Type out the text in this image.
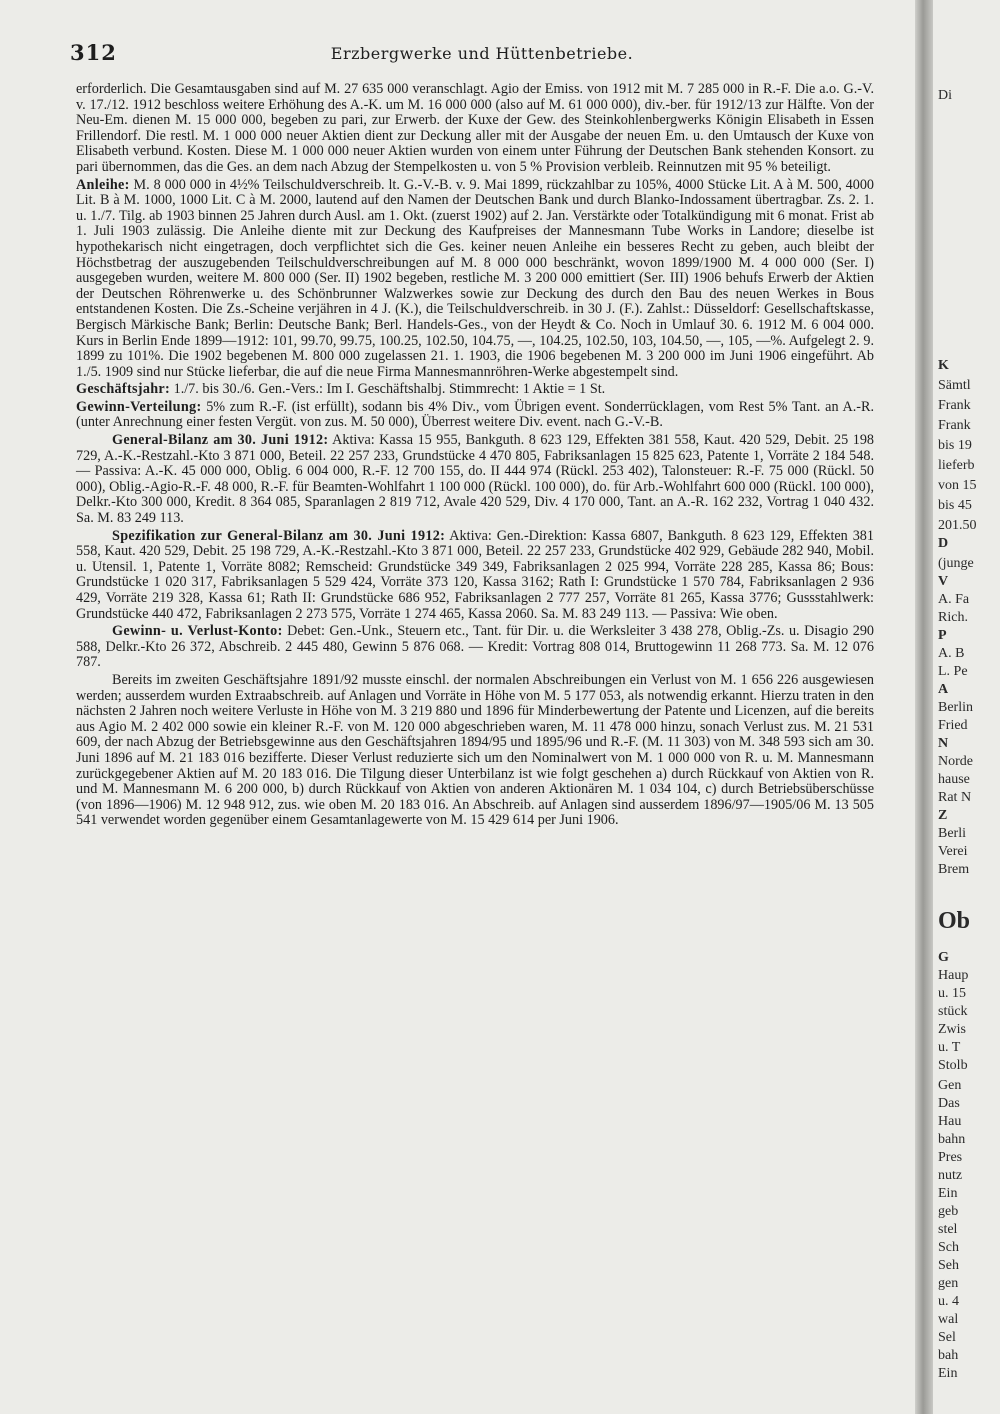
312	Erzbergwerke und Hüttenbetriebe.

erforderlich. Die Gesamtausgaben sind auf M. 27 635 000 veranschlagt. Agio der Emiss. von 1912 mit M. 7 285 000 in R.-F. Die a.o. G.-V. v. 17./12. 1912 beschloss weitere Erhöhung des A.-K. um M. 16 000 000 (also auf M. 61 000 000), div.-ber. für 1912/13 zur Hälfte. Von der Neu-Em. dienen M. 15 000 000, begeben zu pari, zur Erwerb. der Kuxe der Gew. des Steinkohlenbergwerks Königin Elisabeth in Essen Frillendorf. Die restl. M. 1 000 000 neuer Aktien dient zur Deckung aller mit der Ausgabe der neuen Em. u. den Umtausch der Kuxe von Elisabeth verbund. Kosten. Diese M. 1 000 000 neuer Aktien wurden von einem unter Führung der Deutschen Bank stehenden Konsort. zu pari übernommen, das die Ges. an dem nach Abzug der Stempelkosten u. von 5 % Provision verbleib. Reinnutzen mit 95 % beteiligt.

Anleihe: M. 8 000 000 in 4½% Teilschuldverschreib. lt. G.-V.-B. v. 9. Mai 1899, rückzahlbar zu 105%, 4000 Stücke Lit. A à M. 500, 4000 Lit. B à M. 1000, 1000 Lit. C à M. 2000, lautend auf den Namen der Deutschen Bank und durch Blanko-Indossament übertragbar. Zs. 2. 1. u. 1./7. Tilg. ab 1903 binnen 25 Jahren durch Ausl. am 1. Okt. (zuerst 1902) auf 2. Jan. Verstärkte oder Totalkündigung mit 6 monat. Frist ab 1. Juli 1903 zulässig. Die Anleihe diente mit zur Deckung des Kaufpreises der Mannesmann Tube Works in Landore; dieselbe ist hypothekarisch nicht eingetragen, doch verpflichtet sich die Ges. keiner neuen Anleihe ein besseres Recht zu geben, auch bleibt der Höchstbetrag der auszugebenden Teilschuldverschreibungen auf M. 8 000 000 beschränkt, wovon 1899/1900 M. 4 000 000 (Ser. I) ausgegeben wurden, weitere M. 800 000 (Ser. II) 1902 begeben, restliche M. 3 200 000 emittiert (Ser. III) 1906 behufs Erwerb der Aktien der Deutschen Röhrenwerke u. des Schönbrunner Walzwerkes sowie zur Deckung des durch den Bau des neuen Werkes in Bous entstandenen Kosten. Die Zs.-Scheine verjähren in 4 J. (K.), die Teilschuldverschreib. in 30 J. (F.). Zahlst.: Düsseldorf: Gesellschaftskasse, Bergisch Märkische Bank; Berlin: Deutsche Bank; Berl. Handels-Ges., von der Heydt & Co. Noch in Umlauf 30. 6. 1912 M. 6 004 000. Kurs in Berlin Ende 1899—1912: 101, 99.70, 99.75, 100.25, 102.50, 104.75, —, 104.25, 102.50, 103, 104.50, —, 105, —%. Aufgelegt 2. 9. 1899 zu 101%. Die 1902 begebenen M. 800 000 zugelassen 21. 1. 1903, die 1906 begebenen M. 3 200 000 im Juni 1906 eingeführt. Ab 1./5. 1909 sind nur Stücke lieferbar, die auf die neue Firma Mannesmannröhren-Werke abgestempelt sind.

Geschäftsjahr: 1./7. bis 30./6. Gen.-Vers.: Im I. Geschäftshalbj. Stimmrecht: 1 Aktie = 1 St.

Gewinn-Verteilung: 5% zum R.-F. (ist erfüllt), sodann bis 4% Div., vom Übrigen event. Sonderrücklagen, vom Rest 5% Tant. an A.-R. (unter Anrechnung einer festen Vergüt. von zus. M. 50 000), Überrest weitere Div. event. nach G.-V.-B.

General-Bilanz am 30. Juni 1912: Aktiva: Kassa 15 955, Bankguth. 8 623 129, Effekten 381 558, Kaut. 420 529, Debit. 25 198 729, A.-K.-Restzahl.-Kto 3 871 000, Beteil. 22 257 233, Grundstücke 4 470 805, Fabriksanlagen 15 825 623, Patente 1, Vorräte 2 184 548. — Passiva: A.-K. 45 000 000, Oblig. 6 004 000, R.-F. 12 700 155, do. II 444 974 (Rückl. 253 402), Talonsteuer: R.-F. 75 000 (Rückl. 50 000), Oblig.-Agio-R.-F. 48 000, R.-F. für Beamten-Wohlfahrt 1 100 000 (Rückl. 100 000), do. für Arb.-Wohlfahrt 600 000 (Rückl. 100 000), Delkr.-Kto 300 000, Kredit. 8 364 085, Sparanlagen 2 819 712, Avale 420 529, Div. 4 170 000, Tant. an A.-R. 162 232, Vortrag 1 040 432. Sa. M. 83 249 113.

Spezifikation zur General-Bilanz am 30. Juni 1912: Aktiva: Gen.-Direktion: Kassa 6807, Bankguth. 8 623 129, Effekten 381 558, Kaut. 420 529, Debit. 25 198 729, A.-K.-Restzahl.-Kto 3 871 000, Beteil. 22 257 233, Grundstücke 402 929, Gebäude 282 940, Mobil. u. Utensil. 1, Patente 1, Vorräte 8082; Remscheid: Grundstücke 349 349, Fabriksanlagen 2 025 994, Vorräte 228 285, Kassa 86; Bous: Grundstücke 1 020 317, Fabriksanlagen 5 529 424, Vorräte 373 120, Kassa 3162; Rath I: Grundstücke 1 570 784, Fabriksanlagen 2 936 429, Vorräte 219 328, Kassa 61; Rath II: Grundstücke 686 952, Fabriksanlagen 2 777 257, Vorräte 81 265, Kassa 3776; Gussstahlwerk: Grundstücke 440 472, Fabriksanlagen 2 273 575, Vorräte 1 274 465, Kassa 2060. Sa. M. 83 249 113. — Passiva: Wie oben.

Gewinn- u. Verlust-Konto: Debet: Gen.-Unk., Steuern etc., Tant. für Dir. u. die Werksleiter 3 438 278, Oblig.-Zs. u. Disagio 290 588, Delkr.-Kto 26 372, Abschreib. 2 445 480, Gewinn 5 876 068. — Kredit: Vortrag 808 014, Bruttogewinn 11 268 773. Sa. M. 12 076 787.

Bereits im zweiten Geschäftsjahre 1891/92 musste einschl. der normalen Abschreibungen ein Verlust von M. 1 656 226 ausgewiesen werden; ausserdem wurden Extraabschreib. auf Anlagen und Vorräte in Höhe von M. 5 177 053, als notwendig erkannt. Hierzu traten in den nächsten 2 Jahren noch weitere Verluste in Höhe von M. 3 219 880 und 1896 für Minderbewertung der Patente und Licenzen, auf die bereits aus Agio M. 2 402 000 sowie ein kleiner R.-F. von M. 120 000 abgeschrieben waren, M. 11 478 000 hinzu, sonach Verlust zus. M. 21 531 609, der nach Abzug der Betriebsgewinne aus den Geschäftsjahren 1894/95 und 1895/96 und R.-F. (M. 11 303) von M. 348 593 sich am 30. Juni 1896 auf M. 21 183 016 bezifferte. Dieser Verlust reduzierte sich um den Nominalwert von M. 1 000 000 von R. u. M. Mannesmann zurückgegebener Aktien auf M. 20 183 016. Die Tilgung dieser Unterbilanz ist wie folgt geschehen a) durch Rückkauf von Aktien von R. und M. Mannesmann M. 6 200 000, b) durch Rückkauf von Aktien von anderen Aktionären M. 1 034 104, c) durch Betriebsüberschüsse (von 1896—1906) M. 12 948 912, zus. wie oben M. 20 183 016. An Abschreib. auf Anlagen sind ausserdem 1896/97—1905/06 M. 13 505 541 verwendet worden gegenüber einem Gesamtanlagewerte von M. 15 429 614 per Juni 1906.

Di
K
Sämtl
Frank
Frank
bis 19
lieferb
von 15
bis 45
201.50
D
(junge
V
A. Fa
Rich.
P
A. B
L. Pe
A
Berlin
Fried
N
Norde
hause
Rat N
Z
Berli
Verei
Brem
Ob
G
Haup
u. 15
stück
Zwis
u. T
Stolb
Gen
Das
Hau
bahn
Pres
nutz
Ein
geb
stel
Sch
Seh
gen
u. 4
wal
Sel
bah
Ein
